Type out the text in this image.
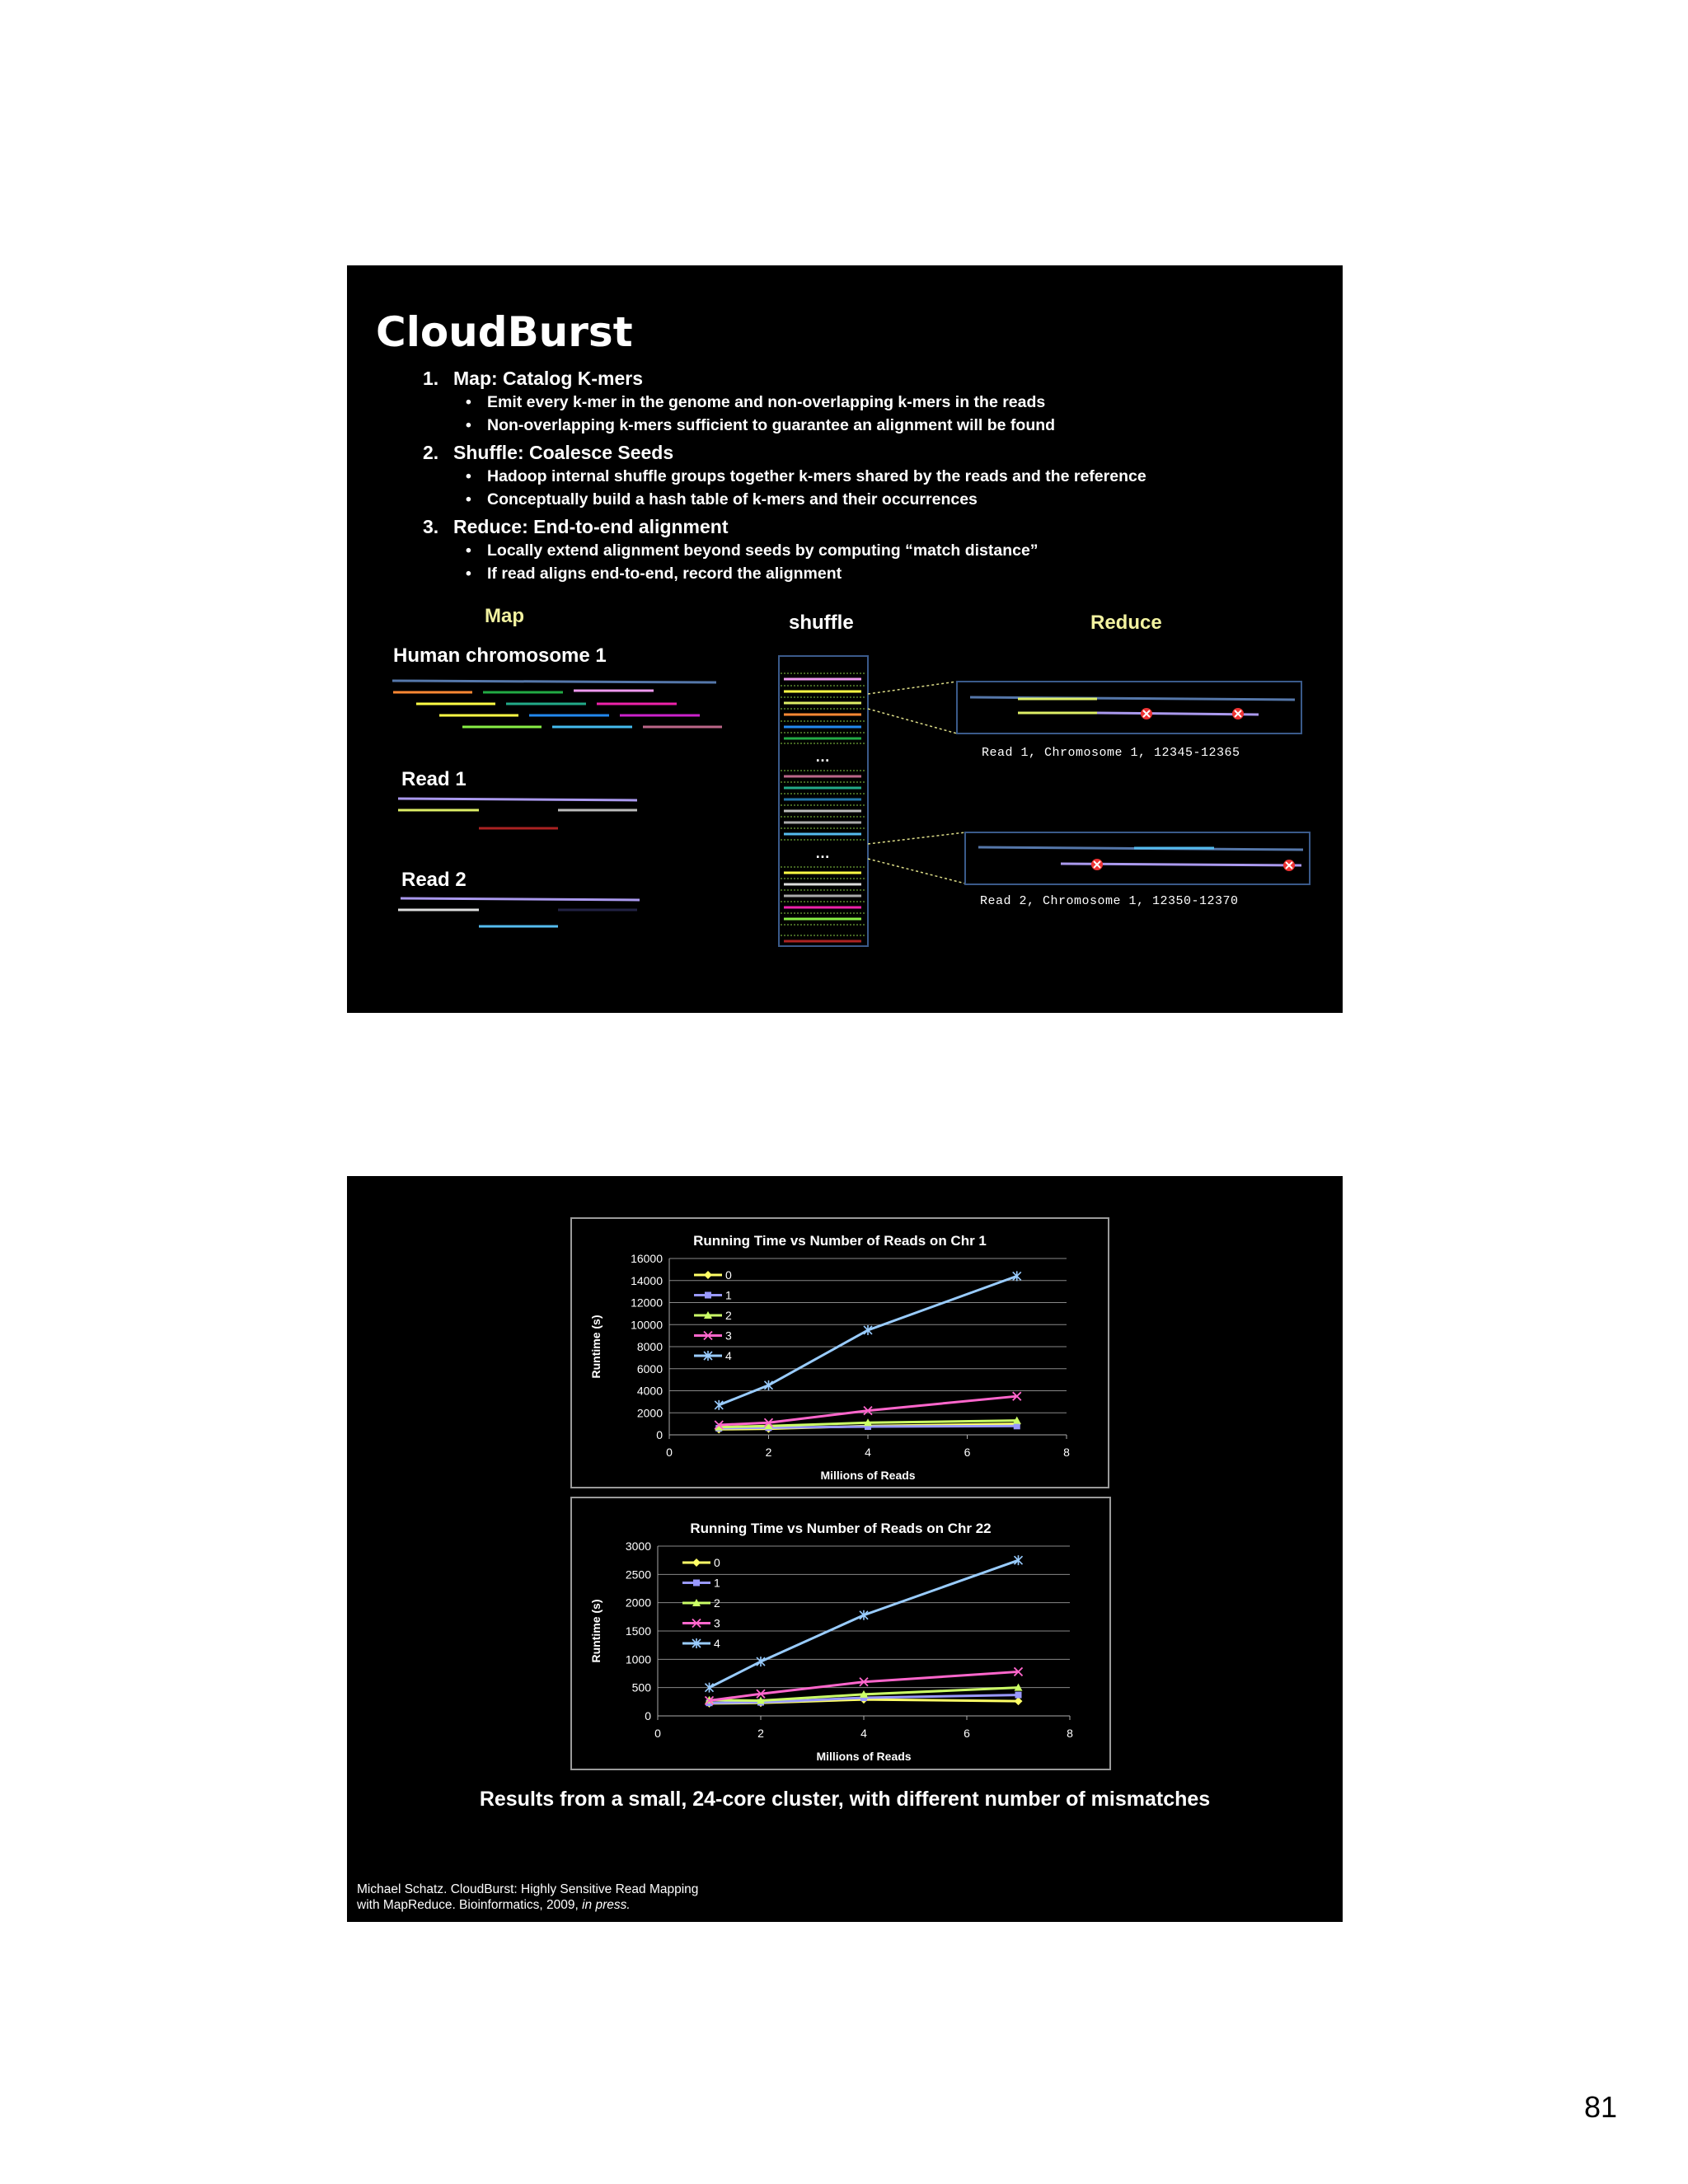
CloudBurst
1. Map: Catalog K-mers
• Emit every k-mer in the genome and non-overlapping k-mers in the reads
• Non-overlapping k-mers sufficient to guarantee an alignment will be found
2. Shuffle: Coalesce Seeds
• Hadoop internal shuffle groups together k-mers shared by the reads and the reference
• Conceptually build a hash table of k-mers and their occurrences
3. Reduce: End-to-end alignment
• Locally extend alignment beyond seeds by computing “match distance”
• If read aligns end-to-end, record the alignment
Map	shuffle	Reduce
Human chromosome 1
Read 1
Read 2
…
…
Read 1, Chromosome 1, 12345-12365
Read 2, Chromosome 1, 12350-12370
Running Time vs Number of Reads on Chr 1
0
2000
4000
6000
8000
10000
12000
14000
16000
0	2	4	6	8
Millions of Reads
Runtime (s)
0
1
2
3
4
Running Time vs Number of Reads on Chr 22
0
500
1000
1500
2000
2500
3000
0	2	4	6	8
Millions of Reads
Runtime (s)
0
1
2
3
4
Results from a small, 24-core cluster, with different number of mismatches
Michael Schatz. CloudBurst: Highly Sensitive Read Mapping
with MapReduce. Bioinformatics, 2009, in press.
81
